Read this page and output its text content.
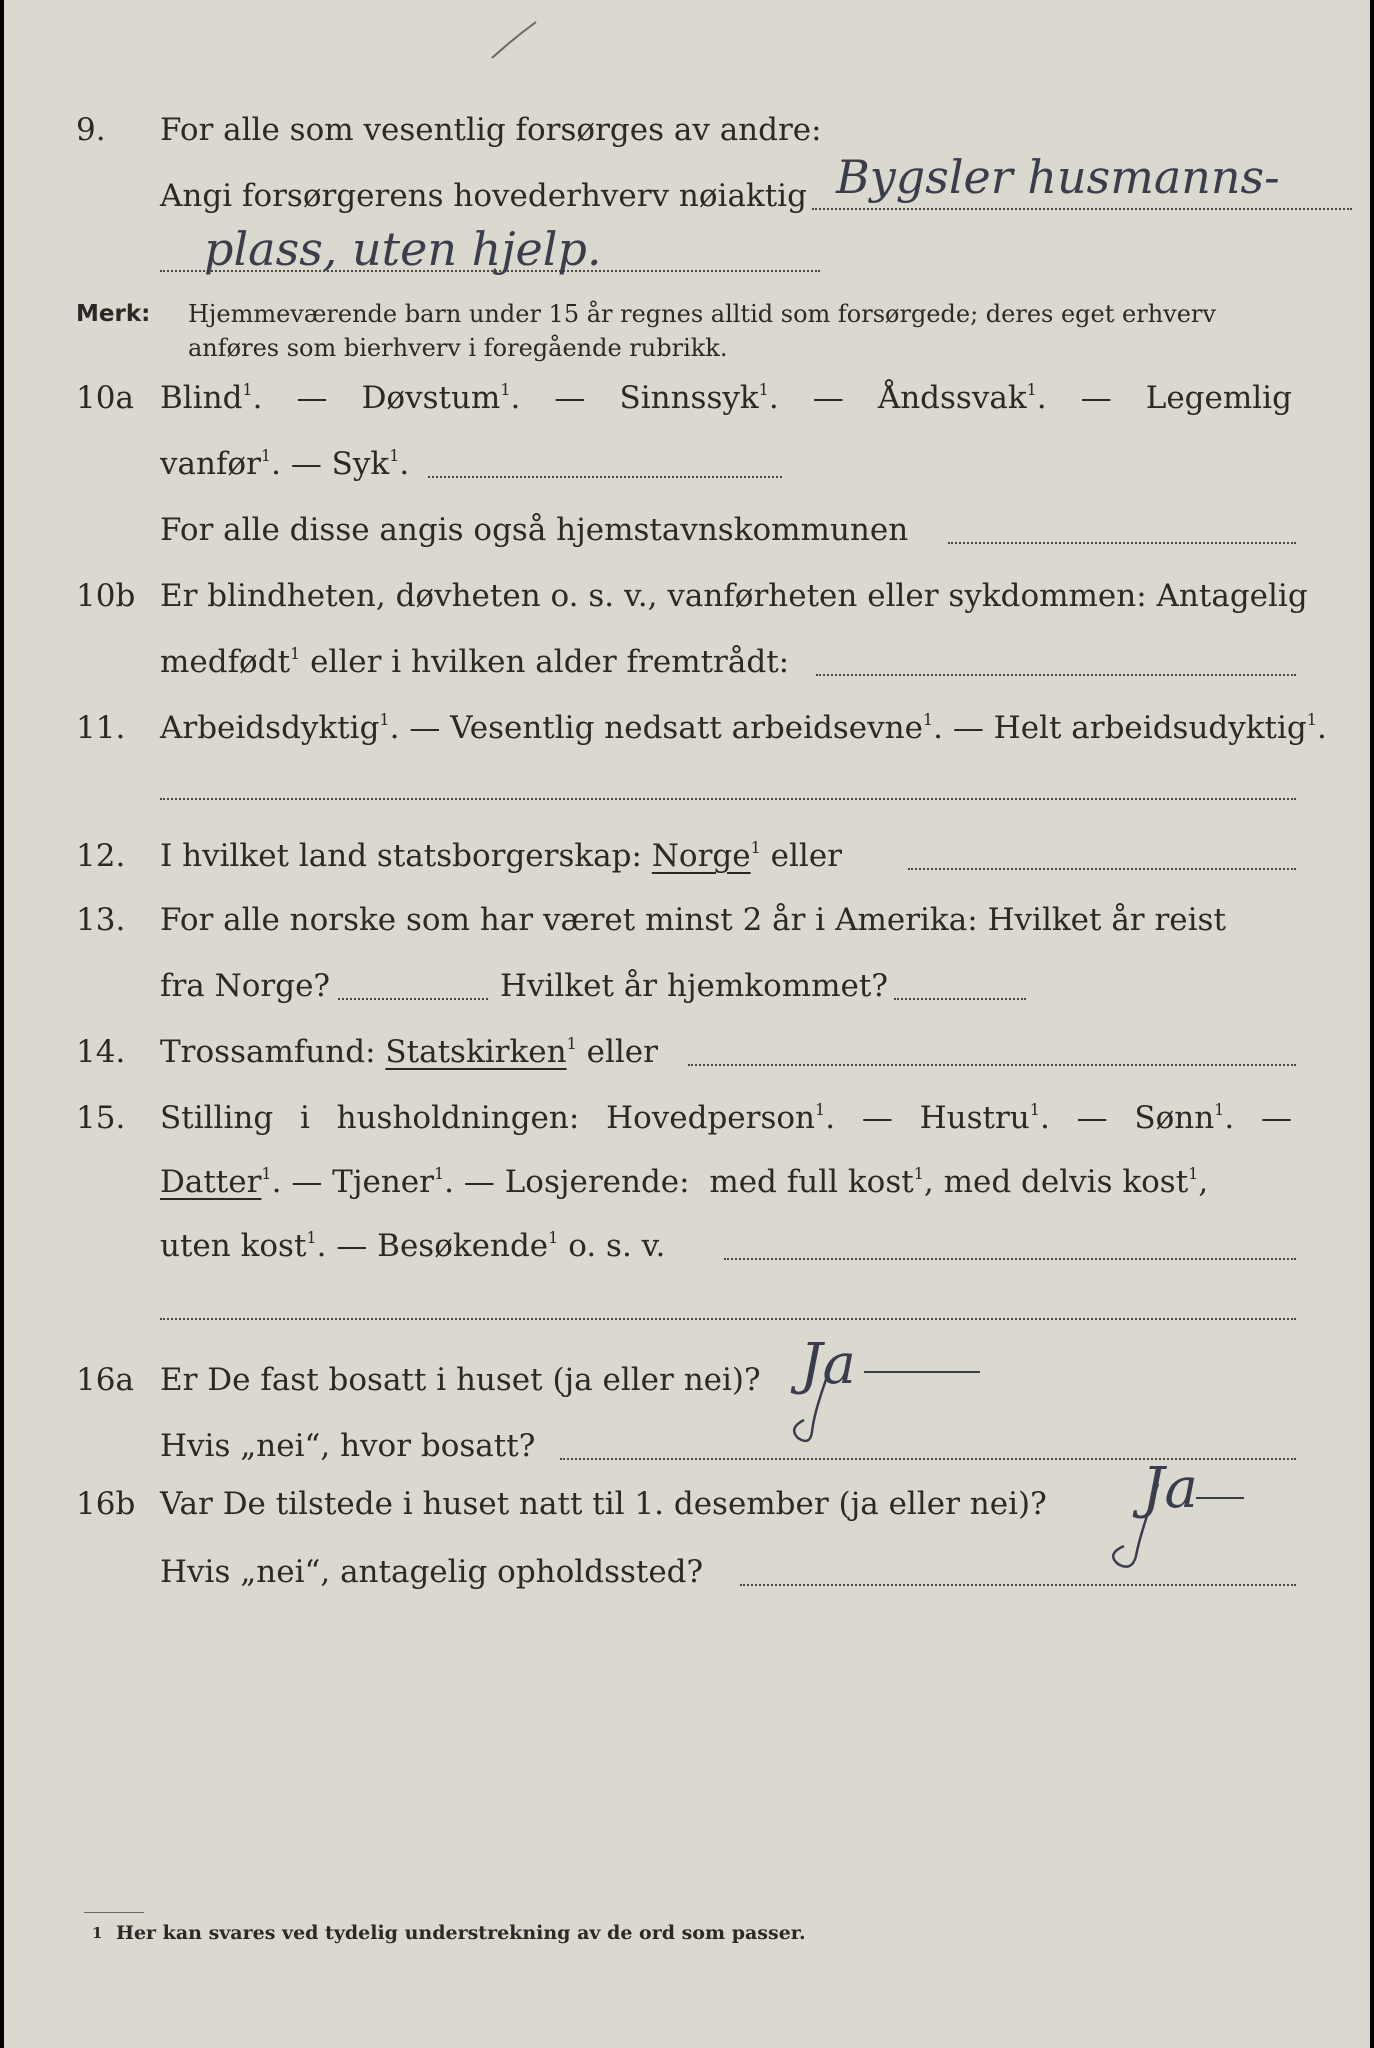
9. For alle som vesentlig forsørges av andre:
Angi forsørgerens hovederhverv nøiaktig Bygsler husmanns-
plass, uten hjelp.
Merk: Hjemmeværende barn under 15 år regnes alltid som forsørgede; deres eget erhverv
anføres som bierhverv i foregående rubrikk.
10a Blind$^1$. — Døvstum$^1$. — Sinnssyk$^1$. — Åndssvak$^1$. — Legemlig
vanfør$^1$. — Syk$^1$.
For alle disse angis også hjemstavnskommunen
10b Er blindheten, døvheten o. s. v., vanførheten eller sykdommen: Antagelig
medfødt$^1$ eller i hvilken alder fremtrådt:
11. Arbeidsdyktig$^1$. — Vesentlig nedsatt arbeidsevne$^1$. — Helt arbeidsudyktig$^1$.
12. I hvilket land statsborgerskap: Norge$^1$ eller
13. For alle norske som har været minst 2 år i Amerika: Hvilket år reist
fra Norge?	Hvilket år hjemkommet?
14. Trossamfund: Statskirken$^1$ eller
15. Stilling i husholdningen: Hovedperson$^1$. — Hustru$^1$. — Sønn$^1$. —
Datter$^1$. — Tjener$^1$. — Losjerende: med full kost$^1$, med delvis kost$^1$,
uten kost$^1$. — Besøkende$^1$ o. s. v.
16a Er De fast bosatt i huset (ja eller nei)? Ja
Hvis „nei“, hvor bosatt?
16b Var De tilstede i huset natt til 1. desember (ja eller nei)? Ja
Hvis „nei“, antagelig opholdssted?
1 Her kan svares ved tydelig understrekning av de ord som passer.
